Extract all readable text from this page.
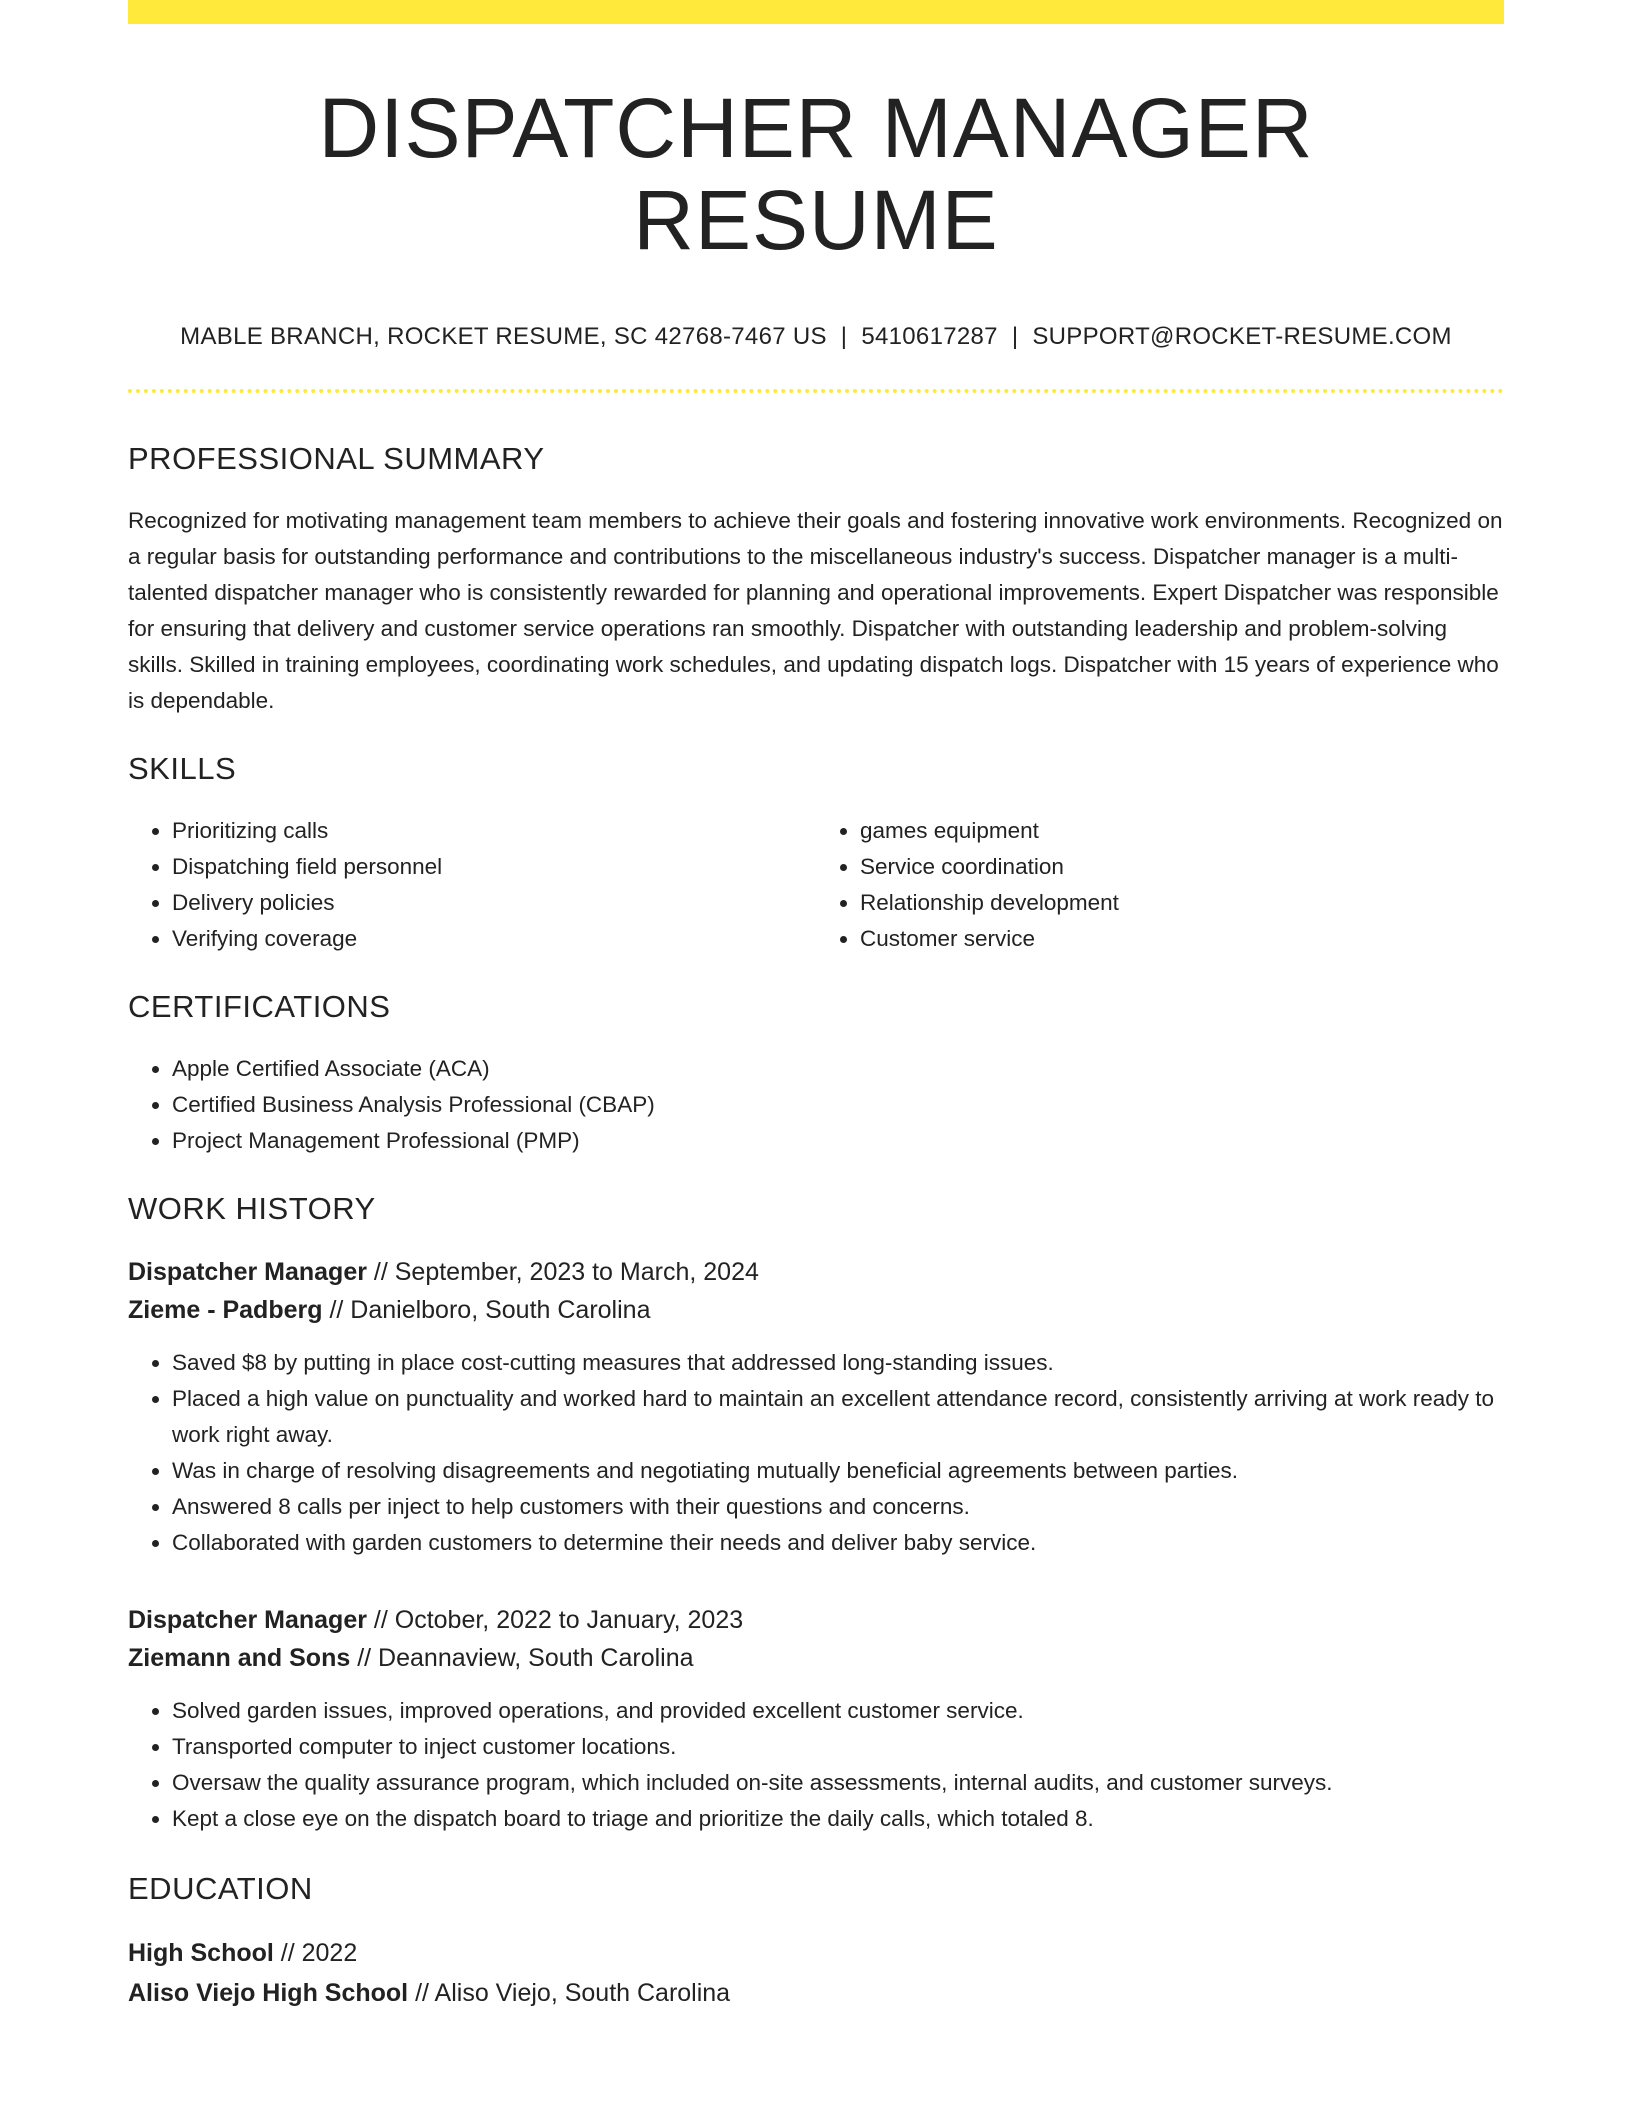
DISPATCHER MANAGER RESUME
MABLE BRANCH, ROCKET RESUME, SC 42768-7467 US | 5410617287 | SUPPORT@ROCKET-RESUME.COM
PROFESSIONAL SUMMARY
Recognized for motivating management team members to achieve their goals and fostering innovative work environments. Recognized on a regular basis for outstanding performance and contributions to the miscellaneous industry's success. Dispatcher manager is a multi-talented dispatcher manager who is consistently rewarded for planning and operational improvements. Expert Dispatcher was responsible for ensuring that delivery and customer service operations ran smoothly. Dispatcher with outstanding leadership and problem-solving skills. Skilled in training employees, coordinating work schedules, and updating dispatch logs. Dispatcher with 15 years of experience who is dependable.
SKILLS
• Prioritizing calls
• Dispatching field personnel
• Delivery policies
• Verifying coverage
• games equipment
• Service coordination
• Relationship development
• Customer service
CERTIFICATIONS
• Apple Certified Associate (ACA)
• Certified Business Analysis Professional (CBAP)
• Project Management Professional (PMP)
WORK HISTORY
Dispatcher Manager // September, 2023 to March, 2024
Zieme - Padberg // Danielboro, South Carolina
• Saved $8 by putting in place cost-cutting measures that addressed long-standing issues.
• Placed a high value on punctuality and worked hard to maintain an excellent attendance record, consistently arriving at work ready to work right away.
• Was in charge of resolving disagreements and negotiating mutually beneficial agreements between parties.
• Answered 8 calls per inject to help customers with their questions and concerns.
• Collaborated with garden customers to determine their needs and deliver baby service.
Dispatcher Manager // October, 2022 to January, 2023
Ziemann and Sons // Deannaview, South Carolina
• Solved garden issues, improved operations, and provided excellent customer service.
• Transported computer to inject customer locations.
• Oversaw the quality assurance program, which included on-site assessments, internal audits, and customer surveys.
• Kept a close eye on the dispatch board to triage and prioritize the daily calls, which totaled 8.
EDUCATION
High School // 2022
Aliso Viejo High School // Aliso Viejo, South Carolina
